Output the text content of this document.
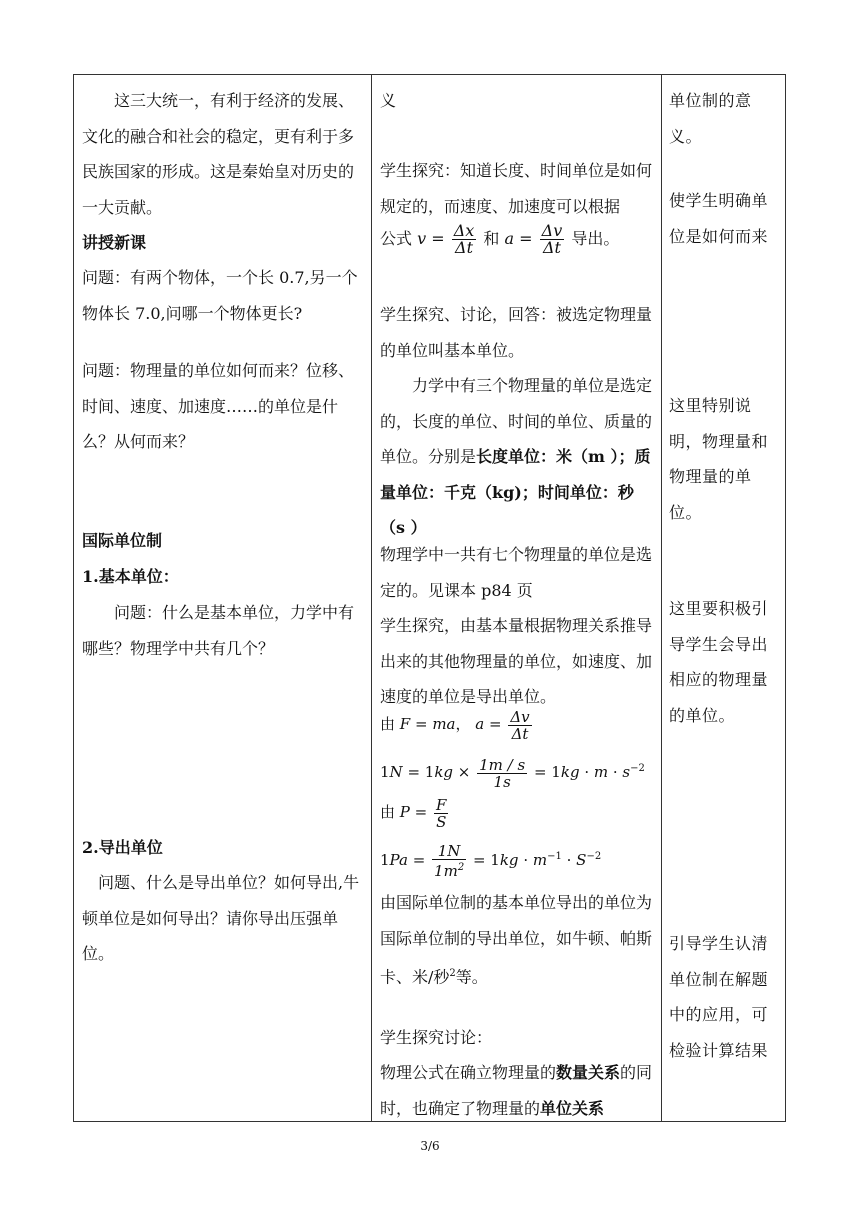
这三大统一，有利于经济的发展、文化的融合和社会的稳定，更有利于多民族国家的形成。这是秦始皇对历史的一大贡献。

讲授新课

问题：有两个物体，一个长 0.7,另一个物体长 7.0,问哪一个物体更长?

问题：物理量的单位如何而来？位移、时间、速度、加速度……的单位是什么？从何而来？

国际单位制

1.基本单位：

问题：什么是基本单位，力学中有哪些？物理学中共有几个？

2.导出单位

问题、什么是导出单位？如何导出,牛顿单位是如何导出？请你导出压强单位。

义

学生探究：知道长度、时间单位是如何规定的，而速度、加速度可以根据

公式 $v = \frac{\Delta x}{\Delta t}$ 和 $a = \frac{\Delta v}{\Delta t}$ 导出。

学生探究、讨论，回答：被选定物理量的单位叫基本单位。

力学中有三个物理量的单位是选定的，长度的单位、时间的单位、质量的单位。分别是长度单位：米（m ）；质量单位：千克（kg)；时间单位：秒（s ）

物理学中一共有七个物理量的单位是选定的。见课本 p84 页

学生探究，由基本量根据物理关系推导出来的其他物理量的单位，如速度、加速度的单位是导出单位。

由 F = ma， $a = \frac{\Delta v}{\Delta t}$
$1N = 1kg \times \frac{1m / s}{1s} = 1kg \cdot m \cdot s^{-2}$
由 $P = \frac{F}{S}$
$1Pa = \frac{1N}{1m^2} = 1kg \cdot m^{-1} \cdot S^{-2}$

由国际单位制的基本单位导出的单位为国际单位制的导出单位，如牛顿、帕斯卡、米/秒$^2$等。

学生探究讨论：

物理公式在确立物理量的数量关系的同时，也确定了物理量的单位关系

单位制的意义。

使学生明确单位是如何而来

这里特别说明，物理量和物理量的单位。

这里要积极引导学生会导出相应的物理量的单位。

引导学生认清单位制在解题中的应用，可检验计算结果

3/6
